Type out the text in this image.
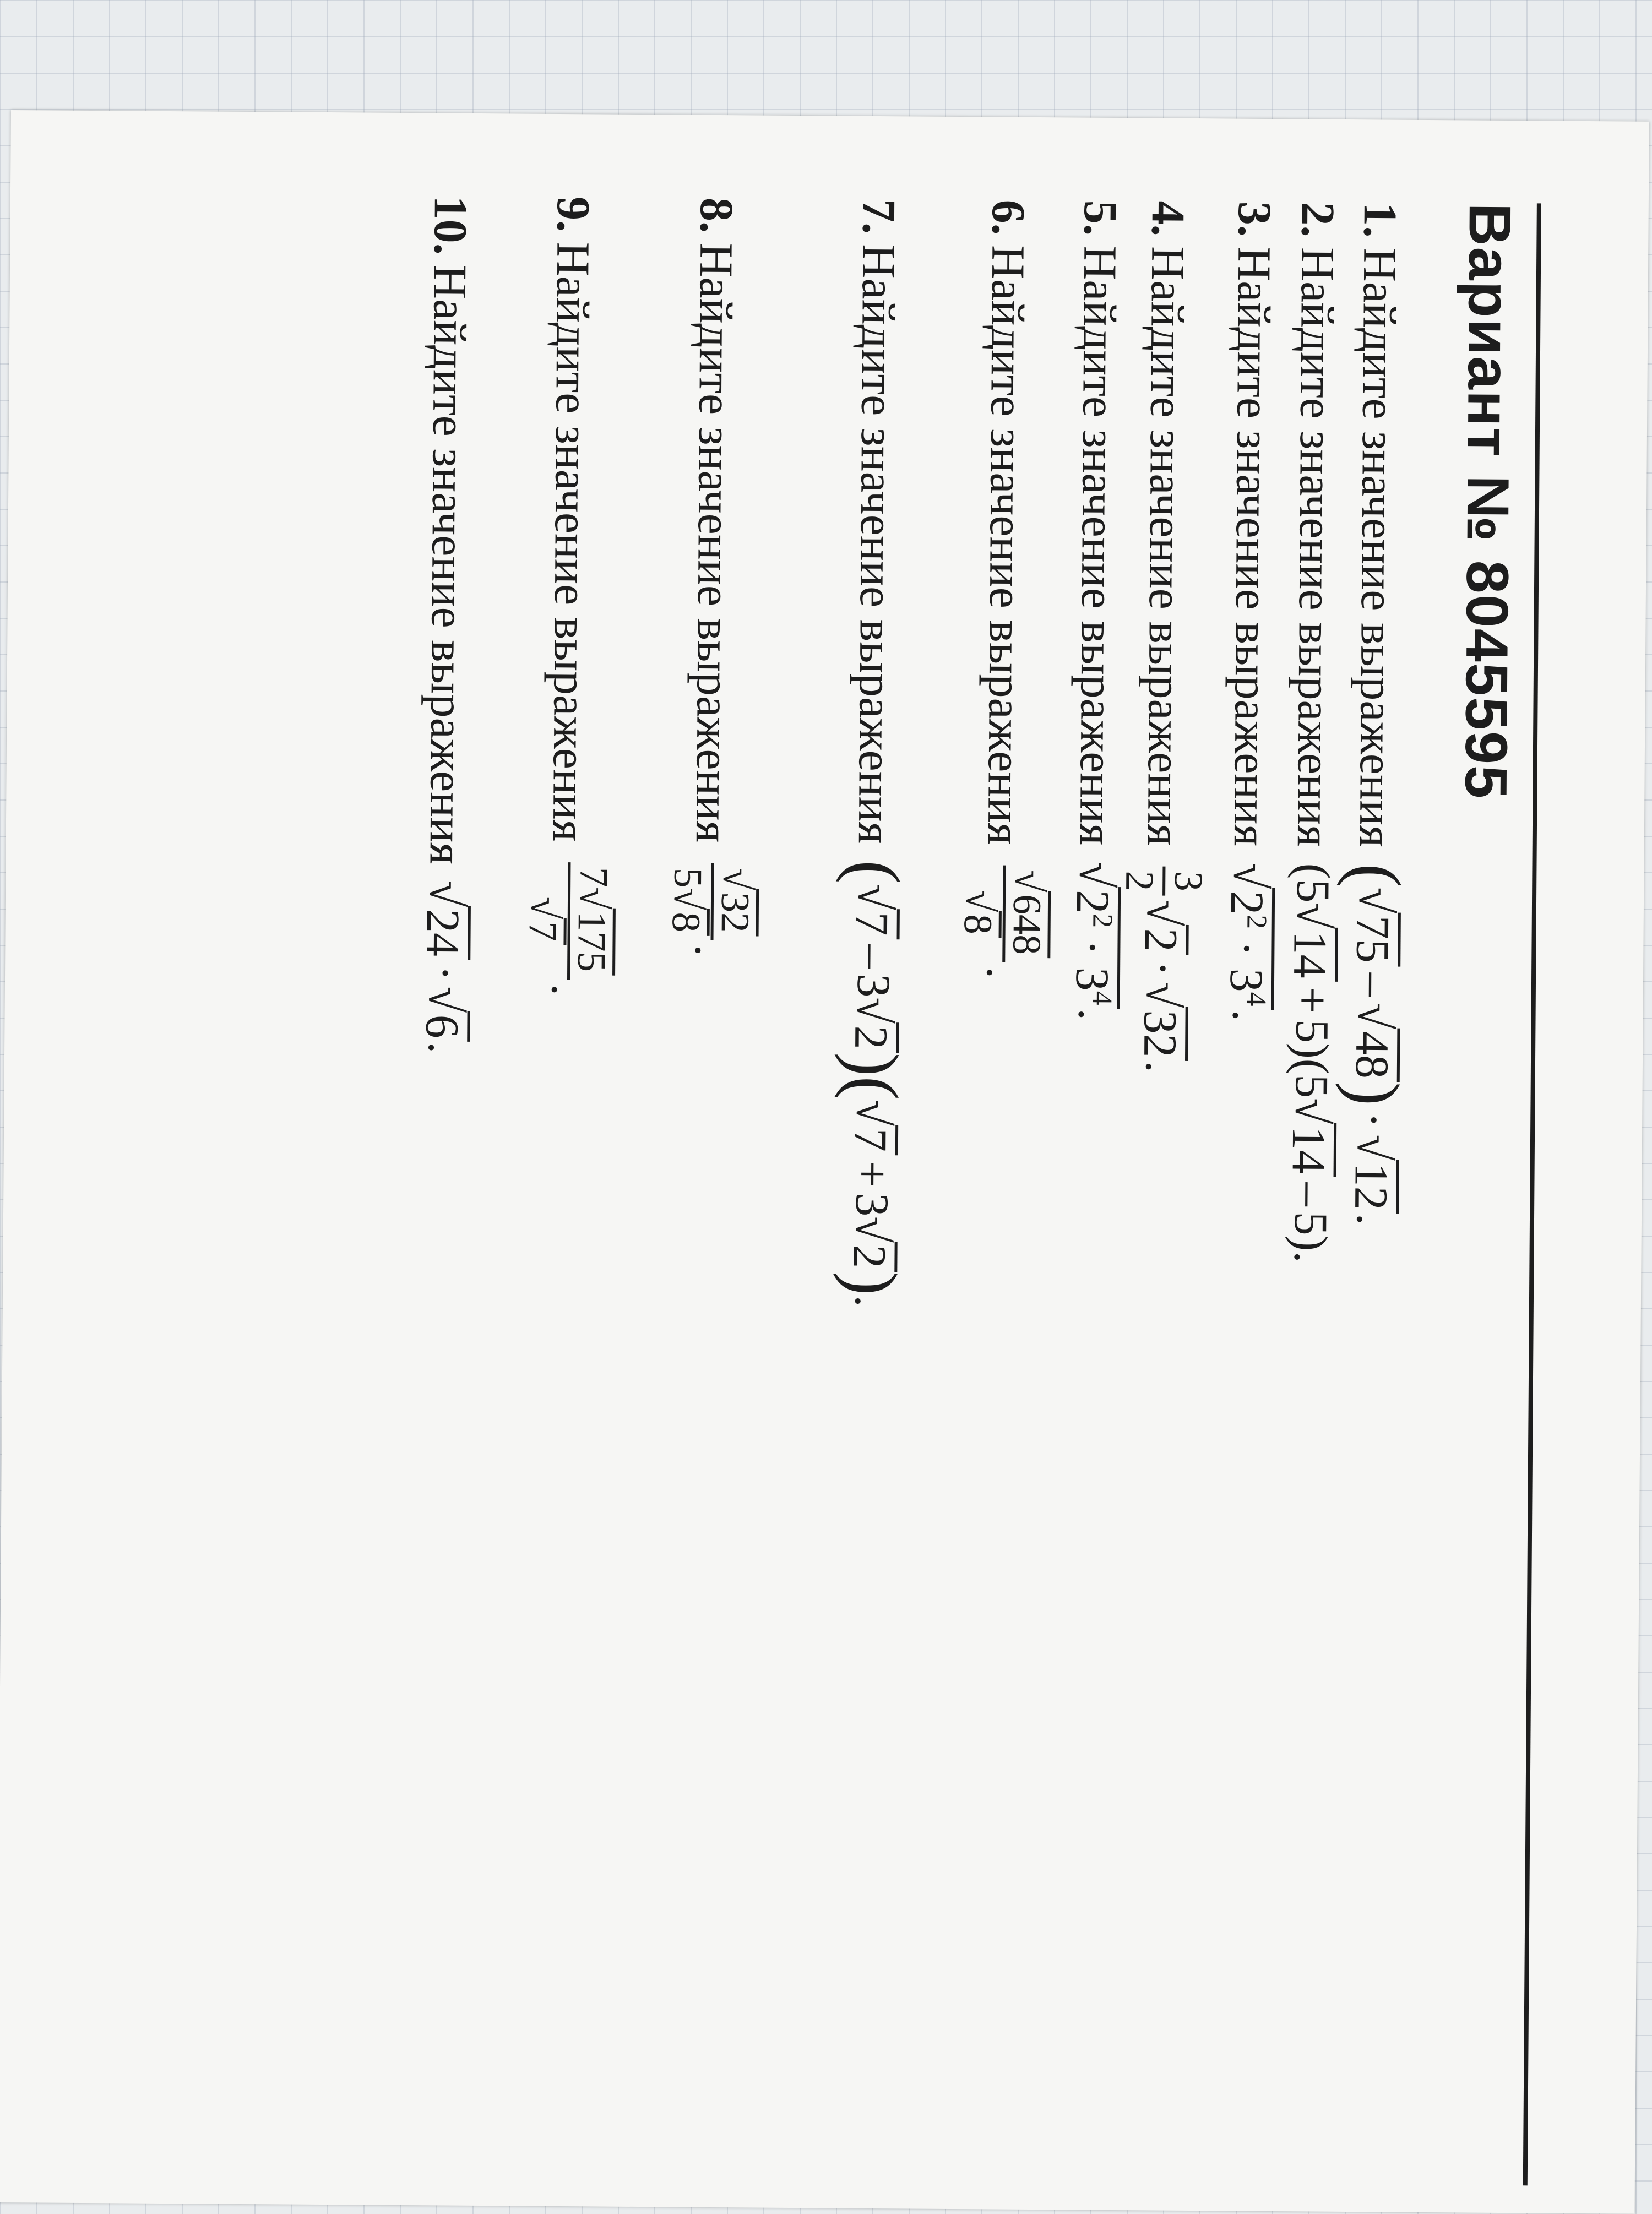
Вариант № 8045595
1.
Найдите значение выражения
(
√
75
–
√
48
)
·
√
12
.
2.
Найдите значение выражения
(
5
√
14
+
5
)(
5
√
14
–
5
).
3.
Найдите значение выражения
√
$2^2 \cdot 3^4$
.
4.
Найдите значение выражения
3
2
√
2
·
√
32
.
5.
Найдите значение выражения
√
$2^2 \cdot 3^4$
.
6.
Найдите значение выражения
√
648
√
8
.
7.
Найдите значение выражения
(
√
7
–
3
√
2
)
(
√
7
+
3
√
2
)
.
8.
Найдите значение выражения
√
32
5
√
8
.
9.
Найдите значение выражения
7
√
175
√
7
.
10.
Найдите значение выражения
√
24
·
√
6
.
